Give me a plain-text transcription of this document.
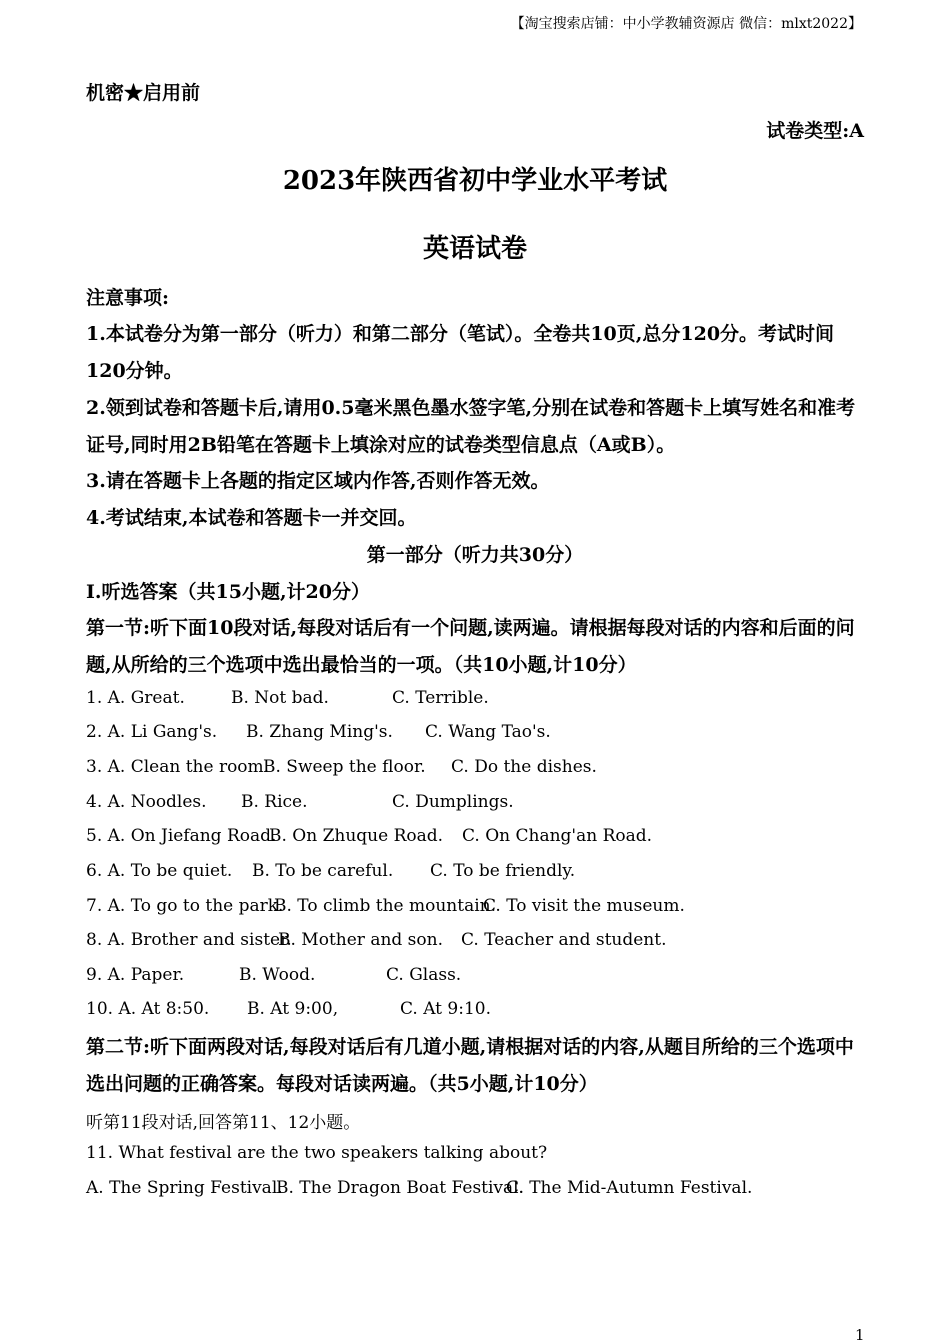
【淘宝搜索店铺：中小学教辅资源店 微信：mlxt2022】
机密★启用前
试卷类型:A
2023年陕西省初中学业水平考试
英语试卷
注意事项:
1.本试卷分为第一部分（听力）和第二部分（笔试）。全卷共10页,总分120分。考试时间
120分钟。
2.领到试卷和答题卡后,请用0.5毫米黑色墨水签字笔,分别在试卷和答题卡上填写姓名和准考
证号,同时用2B铅笔在答题卡上填涂对应的试卷类型信息点（A或B）。
3.请在答题卡上各题的指定区域内作答,否则作答无效。
4.考试结束,本试卷和答题卡一并交回。
第一部分（听力共30分）
I.听选答案（共15小题,计20分）
第一节:听下面10段对话,每段对话后有一个问题,读两遍。请根据每段对话的内容和后面的问
题,从所给的三个选项中选出最恰当的一项。（共10小题,计10分）
1. A. Great.	B. Not bad.	C. Terrible.
2. A. Li Gang's. B. Zhang Ming's. C. Wang Tao's.
3. A. Clean the room.
B. Sweep the floor. C. Do the dishes.
4. A. Noodles. B. Rice.	C. Dumplings.
5. A. On Jiefang Road.
B. On Zhuque Road. C. On Chang'an Road.
6. A. To be quiet. B. To be careful. C. To be friendly.
7. A. To go to the park.
B. To climb the mountain.
C. To visit the museum.
8. A. Brother and sister.
B. Mother and son. C. Teacher and student.
9. A. Paper.	B. Wood.	C. Glass.
10. A. At 8:50. B. At 9:00,	C. At 9:10.
第二节:听下面两段对话,每段对话后有几道小题,请根据对话的内容,从题目所给的三个选项中
选出问题的正确答案。每段对话读两遍。（共5小题,计10分）
听第11段对话,回答第11、12小题。
11. What festival are the two speakers talking about?
A. The Spring Festival.
B. The Dragon Boat Festival.
C. The Mid-Autumn Festival.
1
